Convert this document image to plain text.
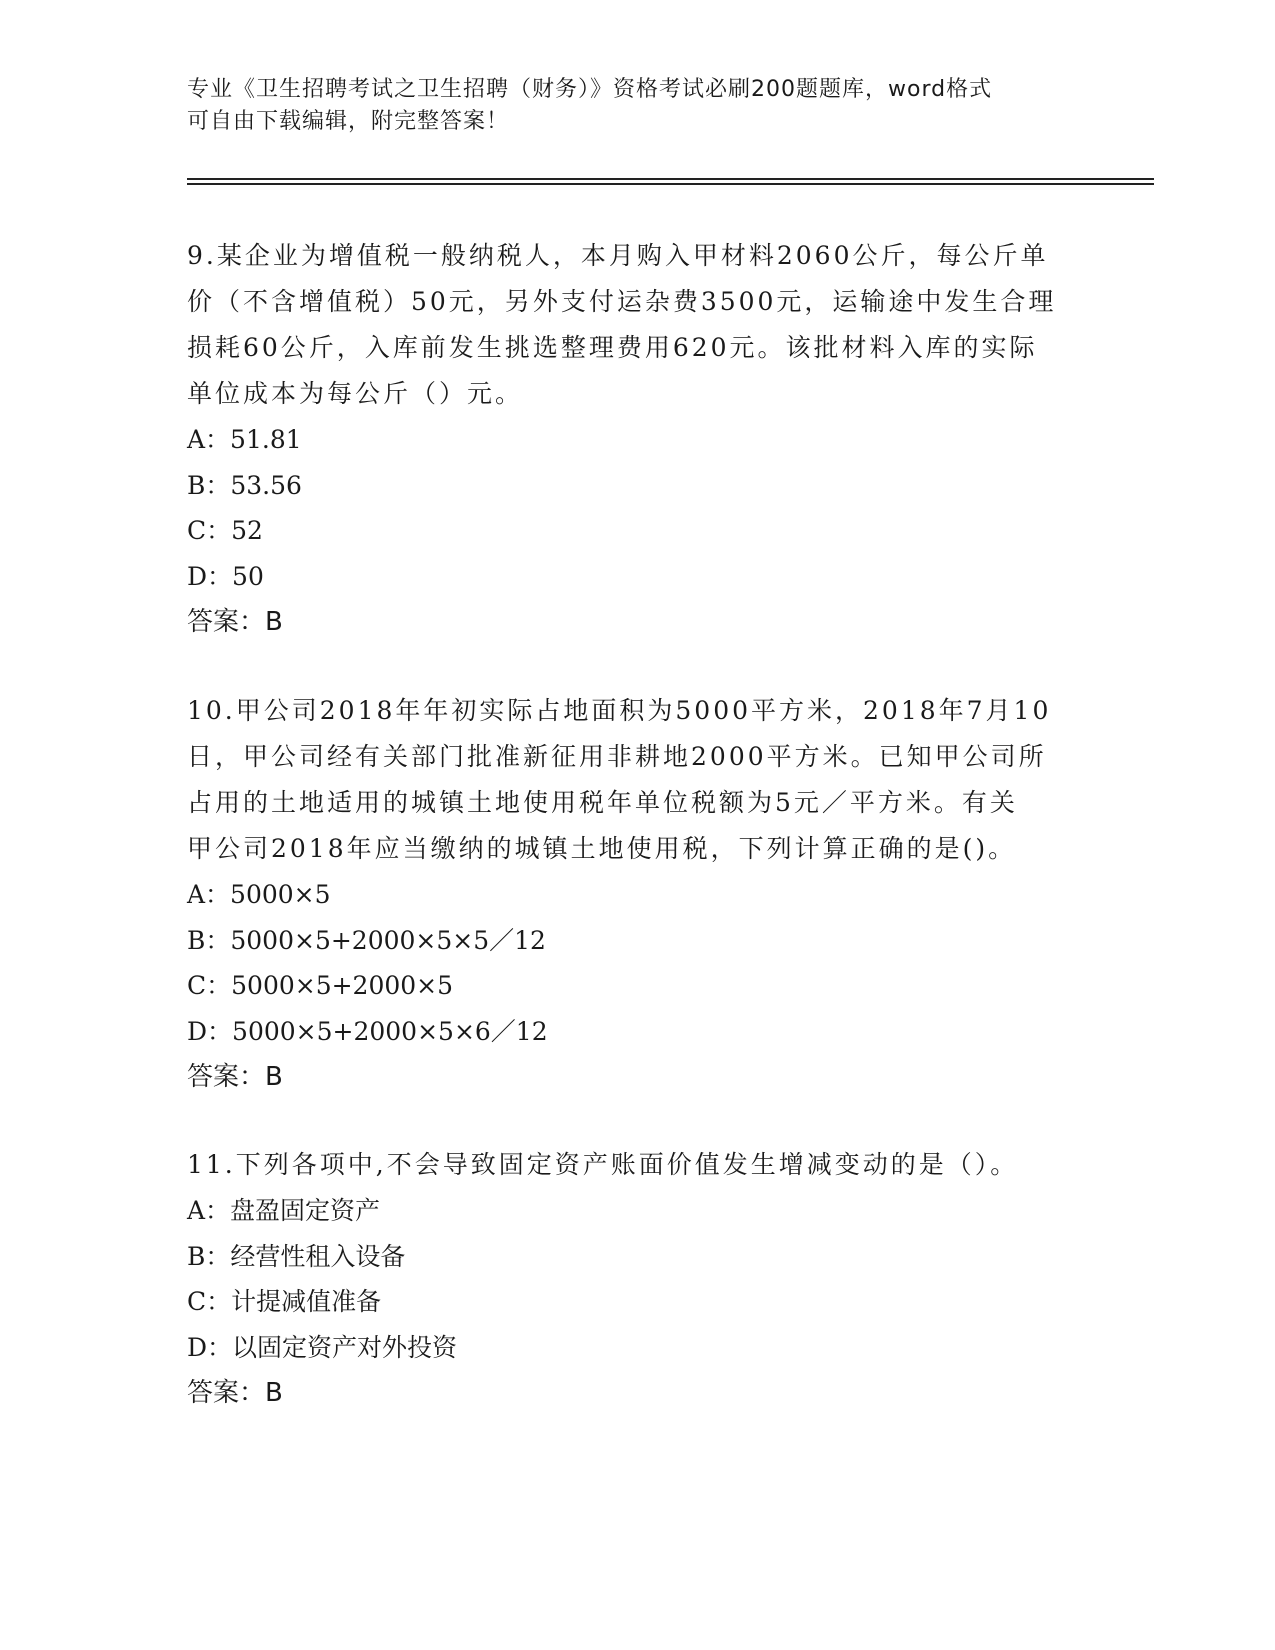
专业《卫生招聘考试之卫生招聘（财务）》资格考试必刷200题题库，word格式
可自由下载编辑，附完整答案！
9.某企业为增值税一般纳税人，本月购入甲材料2060公斤，每公斤单
价（不含增值税）50元，另外支付运杂费3500元，运输途中发生合理
损耗60公斤，入库前发生挑选整理费用620元。该批材料入库的实际
单位成本为每公斤（）元。
A：51.81
B：53.56
C：52
D：50
答案：B
10.甲公司2018年年初实际占地面积为5000平方米，2018年7月10
日，甲公司经有关部门批准新征用非耕地2000平方米。已知甲公司所
占用的土地适用的城镇土地使用税年单位税额为5元／平方米。有关
甲公司2018年应当缴纳的城镇土地使用税，下列计算正确的是()。
A：5000×5
B：5000×5+2000×5×5／12
C：5000×5+2000×5
D：5000×5+2000×5×6／12
答案：B
11.下列各项中,不会导致固定资产账面价值发生增减变动的是（）。
A：盘盈固定资产
B：经营性租入设备
C：计提减值准备
D：以固定资产对外投资
答案：B
